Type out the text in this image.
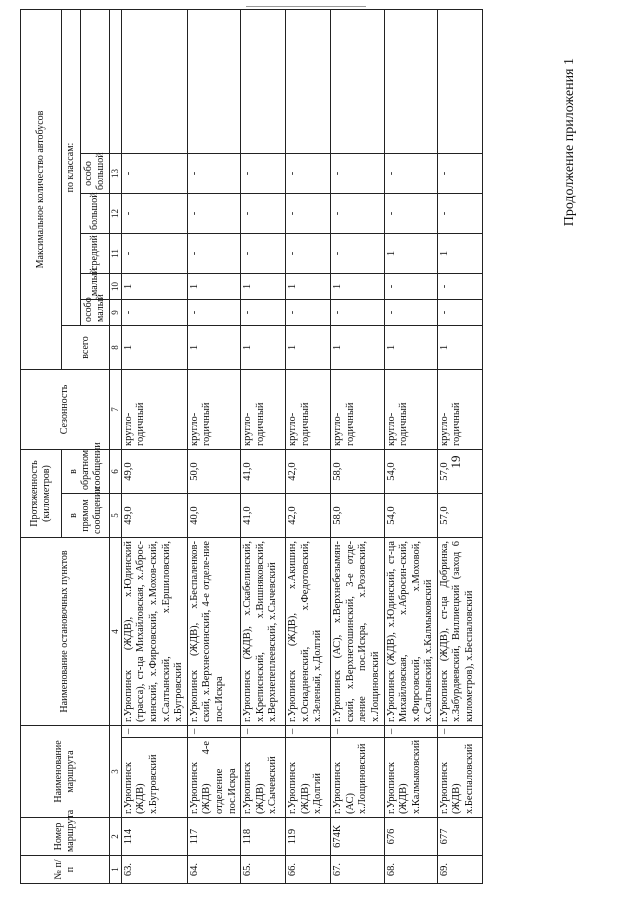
19
Продолжение приложения 1
№ п/п	Номер маршрута	Наименование маршрута		Наименование остановочных пунктов	Протяженность (километров)		Сезонность	Максимальное количество автобусов						
					в прямом сообщении	в обратном сообщении		всего	по классам:					
									особо малый	малый	средний	большой	особо большой	
1	2	3		4	5	6	7	8	9	10	11	12	13	
63.	114	г.Урюпинск (ЖДВ) х.Бугровский	–	г.Урюпинск (ЖДВ), х.Юдинский (трасса), ст-ца Михайловская, х.Аброс-кинский, х.Фирсовский, х.Мохов-ский, х.Салтынский, х.Ершиловский, х.Бугровский	49,0	49,0	кругло-годичный	1	-	1	-	-	-	
64.	117	г.Урюпинск (ЖДВ) 4-е отделение пос.Искра	–	г.Урюпинск (ЖДВ), х.Беспаленков-ский, х.Верхнесоинский, 4-е отделе-ние пос.Искра	40,0	50,0	кругло-годичный	1	-	1	-	-	-	
65.	118	г.Урюпинск (ЖДВ) х.Сычевский	–	г.Урюпинск (ЖДВ), х.Скабелинский, х.Креписнский, х.Вишняковский, х.Верхнепеплеевский, х.Сычевский	41,0	41,0	кругло-годичный	1	-	1	-	-	-	
66.	119	г.Урюпинск (ЖДВ) х.Долгий	–	г.Урюпинск (ЖДВ), х.Акишин, х.Осиадненский, х.Федотовский, х.Зеленый, х.Долгий	42,0	42,0	кругло-годичный	1	-	1	-	-	-	
67.	674К	г.Урюпинск (АС) х.Лощиновский	–	г.Урюпинск (АС), х.Верхнебезымян-ский, х.Верхнетошинский, 3-е отде-ление пос.Искра, х.Розовский, х.Лощиновский	58,0	58,0	кругло-годичный	1	-	1	-	-	-	
68.	676	г.Урюпинск (ЖДВ) х.Калмыковский	–	г.Урюпинск (ЖДВ), х.Юдинский, ст-ца Михайловская, х.Абросин-ский, х.Фирсовский, х.Моховой, х.Салтынский, х.Калмыковский	54,0	54,0	кругло-годичный	1	-	-	1	-	-	
69.	677	г.Урюпинск (ЖДВ) х.Беспаловский	–	г.Урюпинск (ЖДВ), ст-ца Добринка, х.Забурдяевский, Виллиецкий (заход 6 километров), х.Беспаловский	57,0	57,0	кругло-годичный	1	-	-	1	-	-	
